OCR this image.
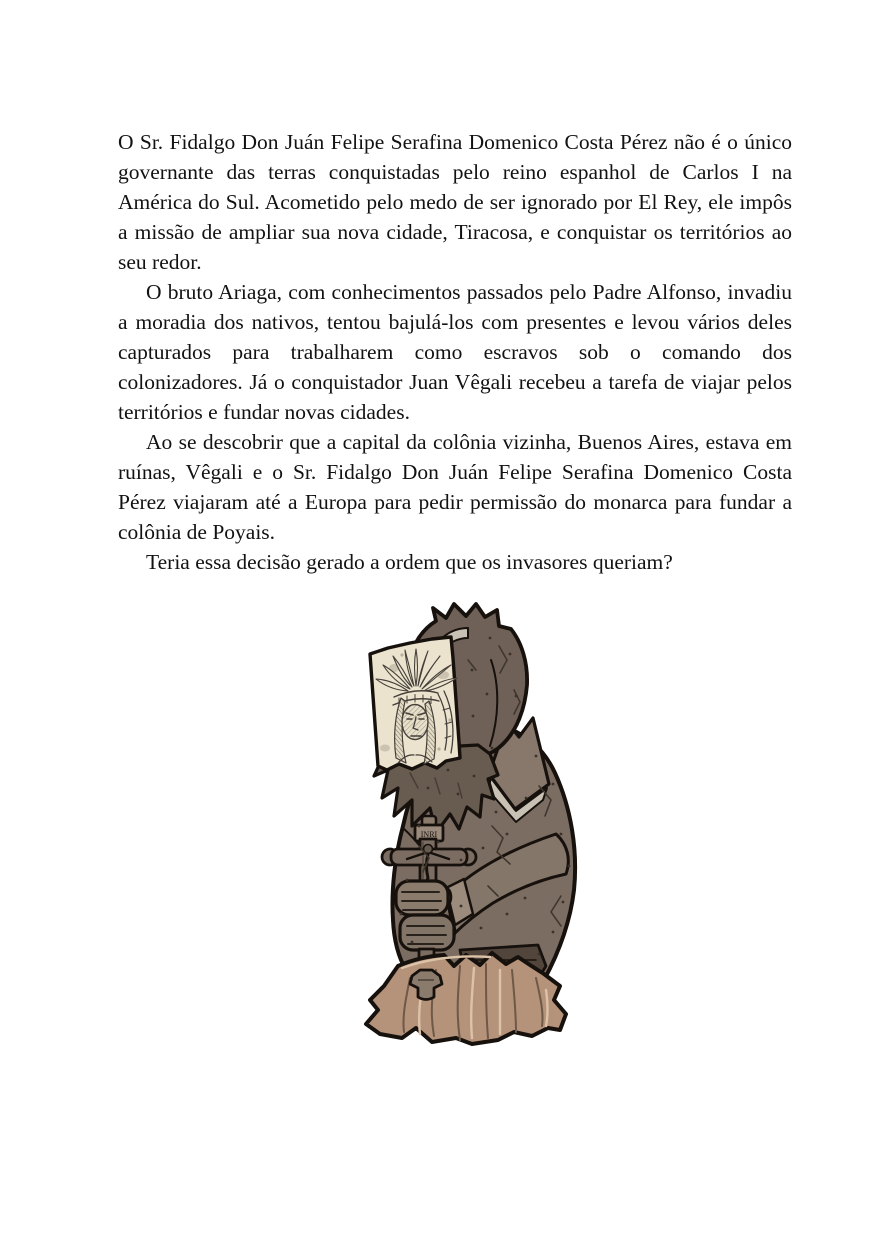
O Sr. Fidalgo Don Juán Felipe Serafina Domenico Costa Pérez não é o único governante das terras conquistadas pelo reino espanhol de Carlos I na América do Sul. Acometido pelo medo de ser ignorado por El Rey, ele impôs a missão de ampliar sua nova cidade, Tiracosa, e conquistar os territórios ao seu redor.

O bruto Ariaga, com conhecimentos passados pelo Padre Alfonso, invadiu a moradia dos nativos, tentou bajulá-los com presentes e levou vários deles capturados para trabalharem como escravos sob o comando dos colonizadores. Já o conquistador Juan Vêgali recebeu a tarefa de viajar pelos territórios e fundar novas cidades.

Ao se descobrir que a capital da colônia vizinha, Buenos Aires, estava em ruínas, Vêgali e o Sr. Fidalgo Don Juán Felipe Serafina Domenico Costa Pérez viajaram até a Europa para pedir permissão do monarca para fundar a colônia de Poyais.

Teria essa decisão gerado a ordem que os invasores queriam?

INRI
